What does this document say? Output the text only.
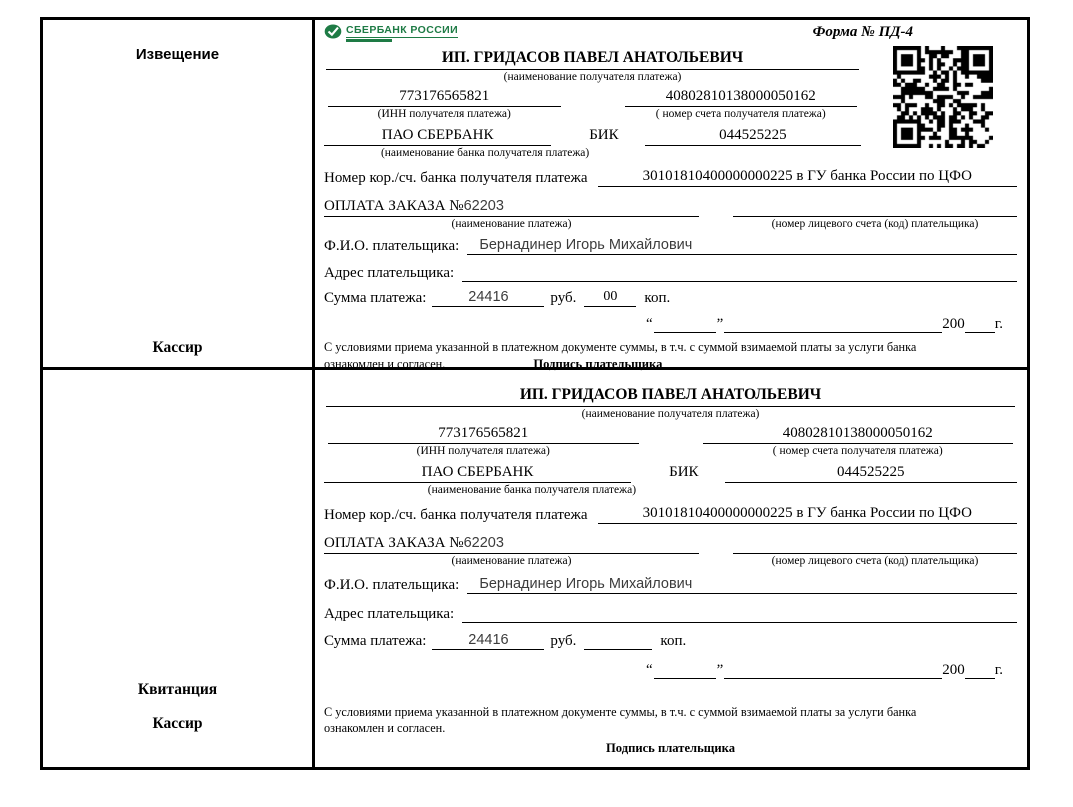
Извещение
Кассир
СБЕРБАНК РОССИИ	Форма № ПД-4
ИП. ГРИДАСОВ ПАВЕЛ АНАТОЛЬЕВИЧ
(наименование получателя платежа)
773176565821
(ИНН получателя платежа)
40802810138000050162
( номер счета получателя платежа)
ПАО СБЕРБАНК	БИК	044525225
(наименование банка получателя платежа)
Номер кор./сч. банка получателя платежа	30101810400000000225 в ГУ банка России по ЦФО
ОПЛАТА ЗАКАЗА №62203
(наименование платежа)	(номер лицевого счета (код) плательщика)
Ф.И.О. плательщика:	Бернадинер Игорь Михайлович
Адрес плательщика:
Сумма платежа:	24416	руб.	00	коп.
“	”	200 г.
С условиями приема указанной в платежном документе суммы, в т.ч. с суммой взимаемой платы за услуги банка
ознакомлен и согласен.	Подпись плательщика
Квитанция
Кассир
ИП. ГРИДАСОВ ПАВЕЛ АНАТОЛЬЕВИЧ
(наименование получателя платежа)
773176565821
(ИНН получателя платежа)
40802810138000050162
( номер счета получателя платежа)
ПАО СБЕРБАНК	БИК	044525225
(наименование банка получателя платежа)
Номер кор./сч. банка получателя платежа	30101810400000000225 в ГУ банка России по ЦФО
ОПЛАТА ЗАКАЗА №62203
(наименование платежа)	(номер лицевого счета (код) плательщика)
Ф.И.О. плательщика:	Бернадинер Игорь Михайлович
Адрес плательщика:
Сумма платежа:	24416	руб.	коп.
“	”	200 г.
С условиями приема указанной в платежном документе суммы, в т.ч. с суммой взимаемой платы за услуги банка
ознакомлен и согласен.
Подпись плательщика
